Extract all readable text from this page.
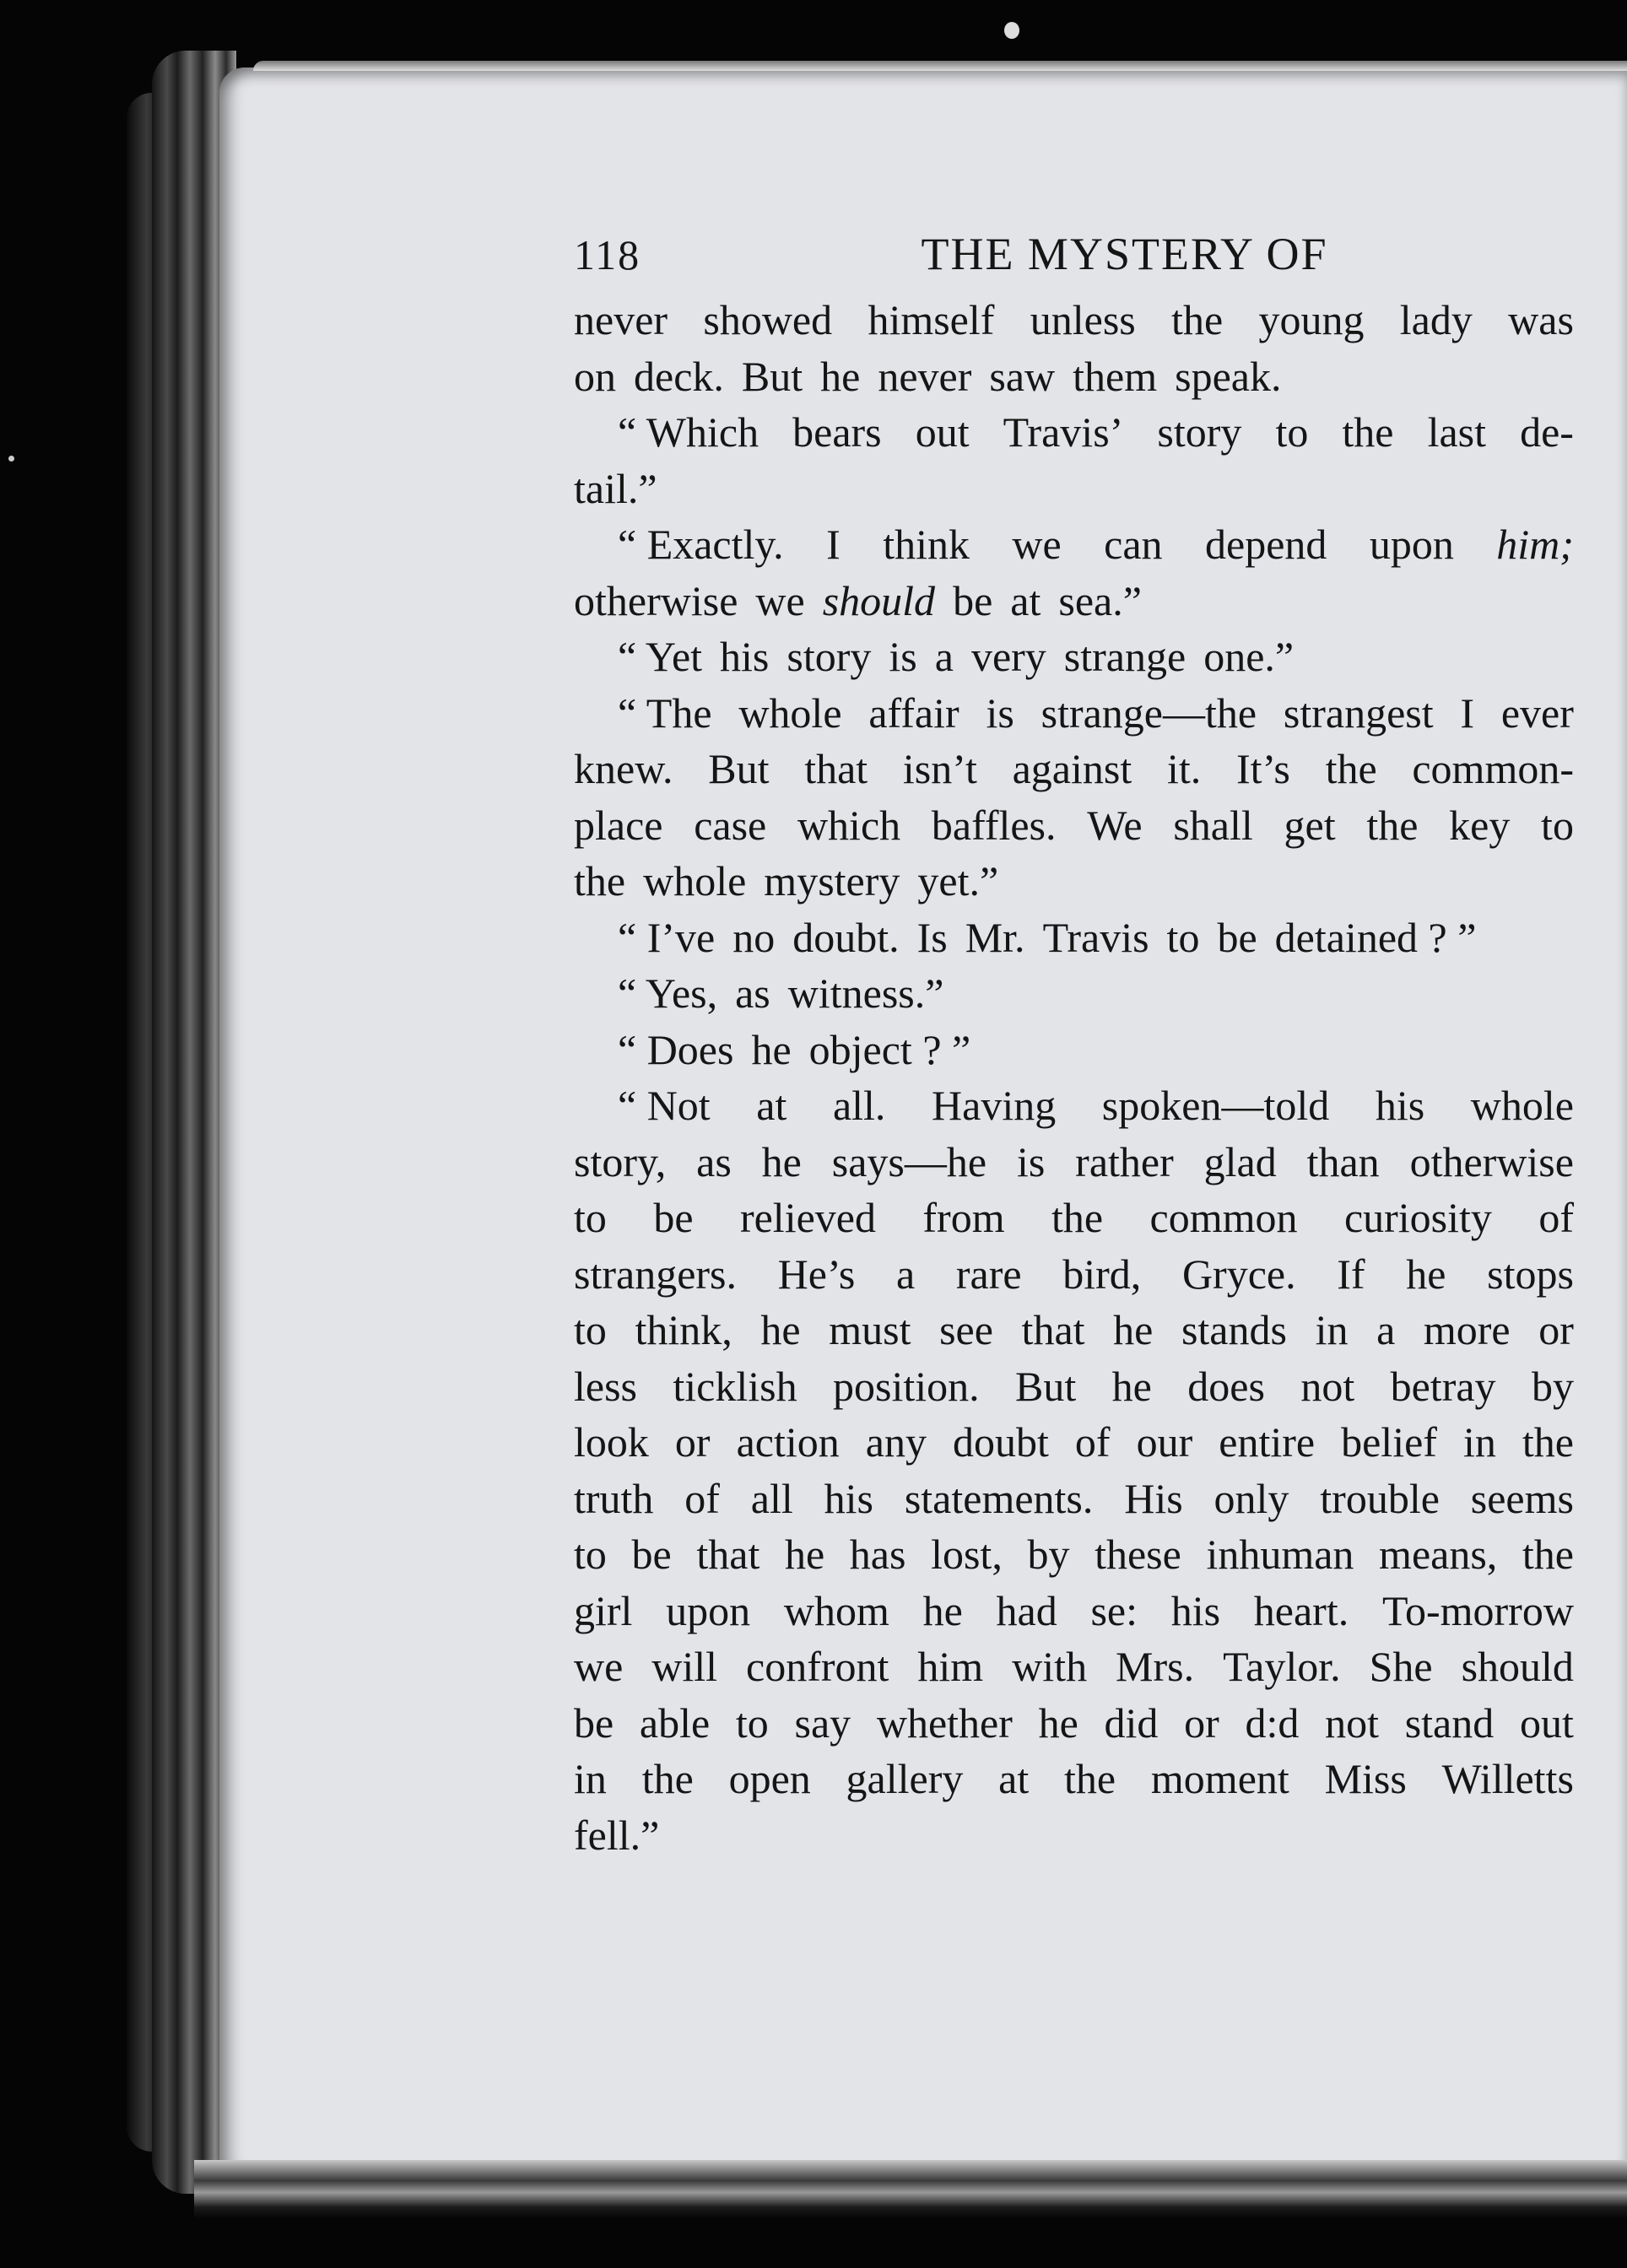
118	THE MYSTERY OF
never showed himself unless the young lady was
on deck. But he never saw them speak.
“ Which bears out Travis’ story to the last de-
tail.”
“ Exactly. I think we can depend upon him;
otherwise we should be at sea.”
“ Yet his story is a very strange one.”
“ The whole affair is strange—the strangest I ever
knew. But that isn’t against it. It’s the common-
place case which baffles. We shall get the key to
the whole mystery yet.”
“ I’ve no doubt. Is Mr. Travis to be detained ? ”
“ Yes, as witness.”
“ Does he object ? ”
“ Not at all. Having spoken—told his whole
story, as he says—he is rather glad than otherwise
to be relieved from the common curiosity of
strangers. He’s a rare bird, Gryce. If he stops
to think, he must see that he stands in a more or
less ticklish position. But he does not betray by
look or action any doubt of our entire belief in the
truth of all his statements. His only trouble seems
to be that he has lost, by these inhuman means, the
girl upon whom he had se: his heart. To-morrow
we will confront him with Mrs. Taylor. She should
be able to say whether he did or d:d not stand out
in the open gallery at the moment Miss Willetts
fell.”
